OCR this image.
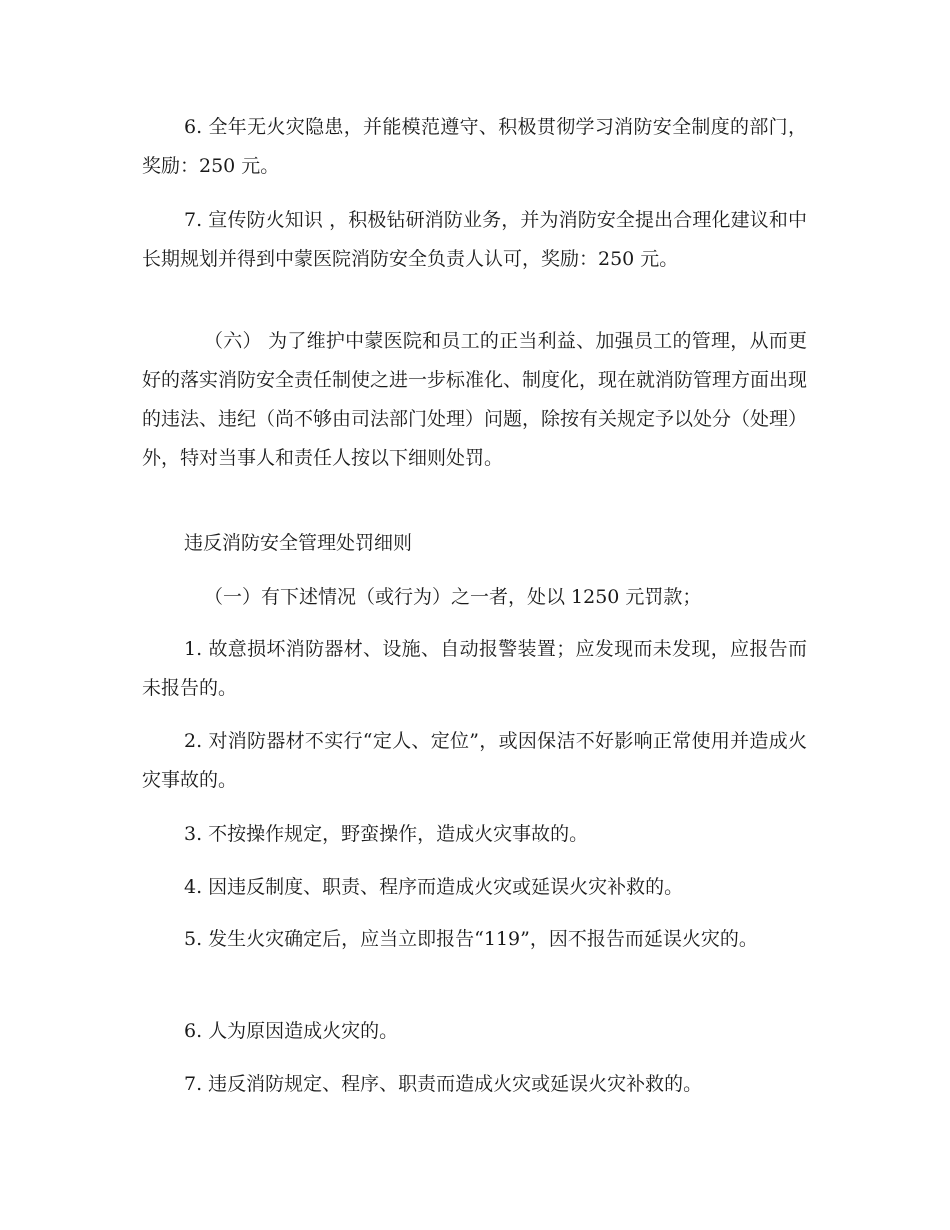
6. 全年无火灾隐患，并能模范遵守、积极贯彻学习消防安全制度的部门，奖励：250 元。

7. 宣传防火知识 ，积极钻研消防业务，并为消防安全提出合理化建议和中长期规划并得到中蒙医院消防安全负责人认可，奖励：250 元。

（六） 为了维护中蒙医院和员工的正当利益、加强员工的管理，从而更好的落实消防安全责任制使之进一步标准化、制度化，现在就消防管理方面出现的违法、违纪（尚不够由司法部门处理）问题，除按有关规定予以处分（处理）外，特对当事人和责任人按以下细则处罚。

违反消防安全管理处罚细则

（一）有下述情况（或行为）之一者，处以 1250 元罚款；

1. 故意损坏消防器材、设施、自动报警装置；应发现而未发现，应报告而未报告的。

2. 对消防器材不实行“定人、定位”，或因保洁不好影响正常使用并造成火灾事故的。

3. 不按操作规定，野蛮操作，造成火灾事故的。

4. 因违反制度、职责、程序而造成火灾或延误火灾补救的。

5. 发生火灾确定后，应当立即报告“119”，因不报告而延误火灾的。

6. 人为原因造成火灾的。

7. 违反消防规定、程序、职责而造成火灾或延误火灾补救的。
